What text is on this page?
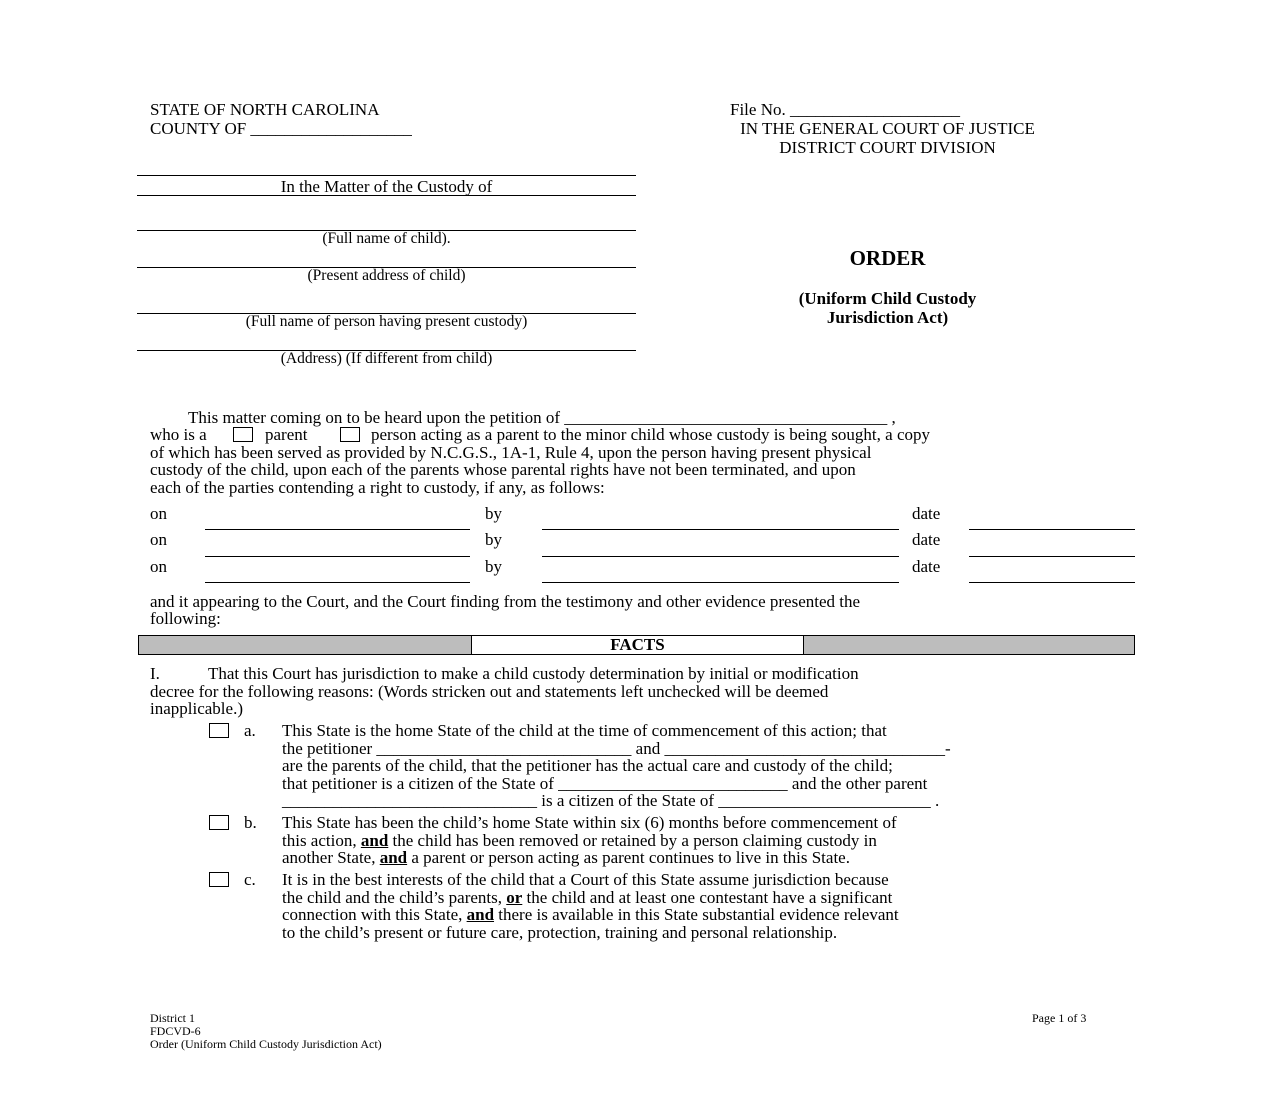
STATE OF NORTH CAROLINA
COUNTY OF ___________________
File No. ____________________
IN THE GENERAL COURT OF JUSTICE
DISTRICT COURT DIVISION
In the Matter of the Custody of
(Full name of child).
(Present address of child)
(Full name of person having present custody)
(Address) (If different from child)
ORDER
(Uniform Child Custody
Jurisdiction Act)
This matter coming on to be heard upon the petition of ______________________________________ ,
who is a	parent	person acting as a parent to the minor child whose custody is being sought, a copy
of which has been served as provided by N.C.G.S., 1A-1, Rule 4, upon the person having present physical
custody of the child, upon each of the parents whose parental rights have not been terminated, and upon
each of the parties contending a right to custody, if any, as follows:
on	by	date
on	by	date
on	by	date
and it appearing to the Court, and the Court finding from the testimony and other evidence presented the
following:
FACTS
I.	That this Court has jurisdiction to make a child custody determination by initial or modification
decree for the following reasons: (Words stricken out and statements left unchecked will be deemed
inapplicable.)
a. This State is the home State of the child at the time of commencement of this action; that
the petitioner ______________________________ and _________________________________-
are the parents of the child, that the petitioner has the actual care and custody of the child;
that petitioner is a citizen of the State of ___________________________ and the other parent
______________________________ is a citizen of the State of _________________________ .
b. This State has been the child’s home State within six (6) months before commencement of
this action, and the child has been removed or retained by a person claiming custody in
another State, and a parent or person acting as parent continues to live in this State.
c. It is in the best interests of the child that a Court of this State assume jurisdiction because
the child and the child’s parents, or the child and at least one contestant have a significant
connection with this State, and there is available in this State substantial evidence relevant
to the child’s present or future care, protection, training and personal relationship.
District 1
FDCVD-6
Order (Uniform Child Custody Jurisdiction Act)
Page 1 of 3
